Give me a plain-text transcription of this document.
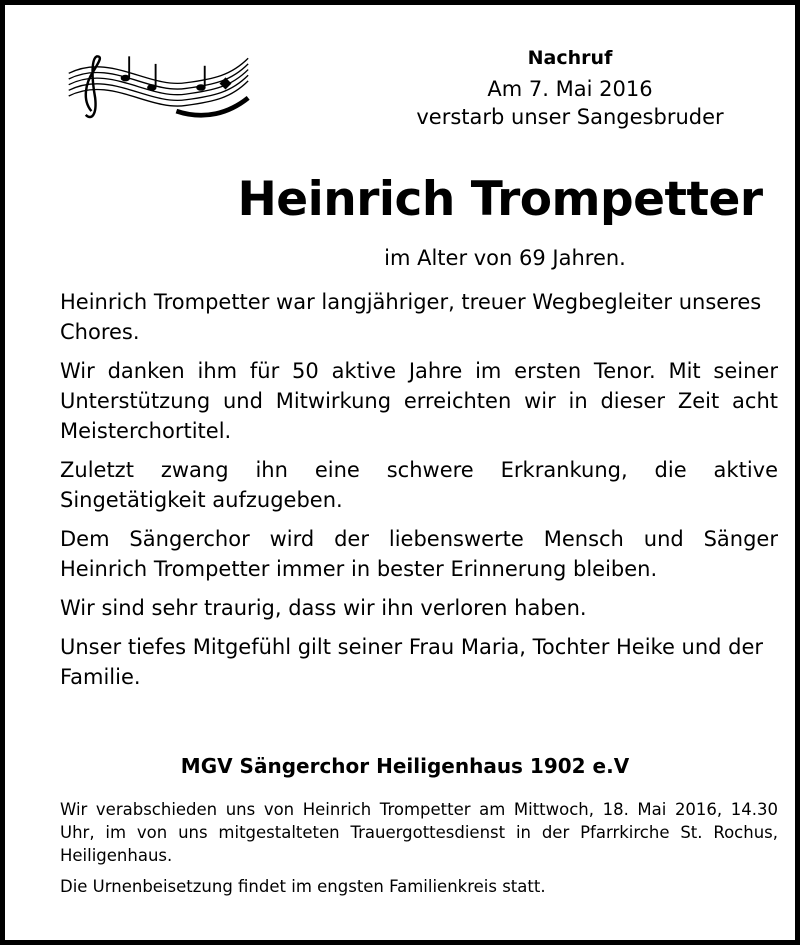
Nachruf
Am 7. Mai 2016
verstarb unser Sangesbruder
Heinrich Trompetter
im Alter von 69 Jahren.

Heinrich Trompetter war langjähriger, treuer Wegbegleiter unseres Chores.

Wir danken ihm für 50 aktive Jahre im ersten Tenor. Mit seiner Unterstützung und Mitwirkung erreichten wir in dieser Zeit acht Meisterchortitel.

Zuletzt zwang ihn eine schwere Erkrankung, die aktive Singetätigkeit aufzugeben.

Dem Sängerchor wird der liebenswerte Mensch und Sänger Heinrich Trompetter immer in bester Erinnerung bleiben.

Wir sind sehr traurig, dass wir ihn verloren haben.

Unser tiefes Mitgefühl gilt seiner Frau Maria, Tochter Heike und der Familie.

MGV Sängerchor Heiligenhaus 1902 e.V

Wir verabschieden uns von Heinrich Trompetter am Mittwoch, 18. Mai 2016, 14.30 Uhr, im von uns mitgestalteten Trauergottesdienst in der Pfarrkirche St. Rochus, Heiligenhaus.

Die Urnenbeisetzung findet im engsten Familienkreis statt.
